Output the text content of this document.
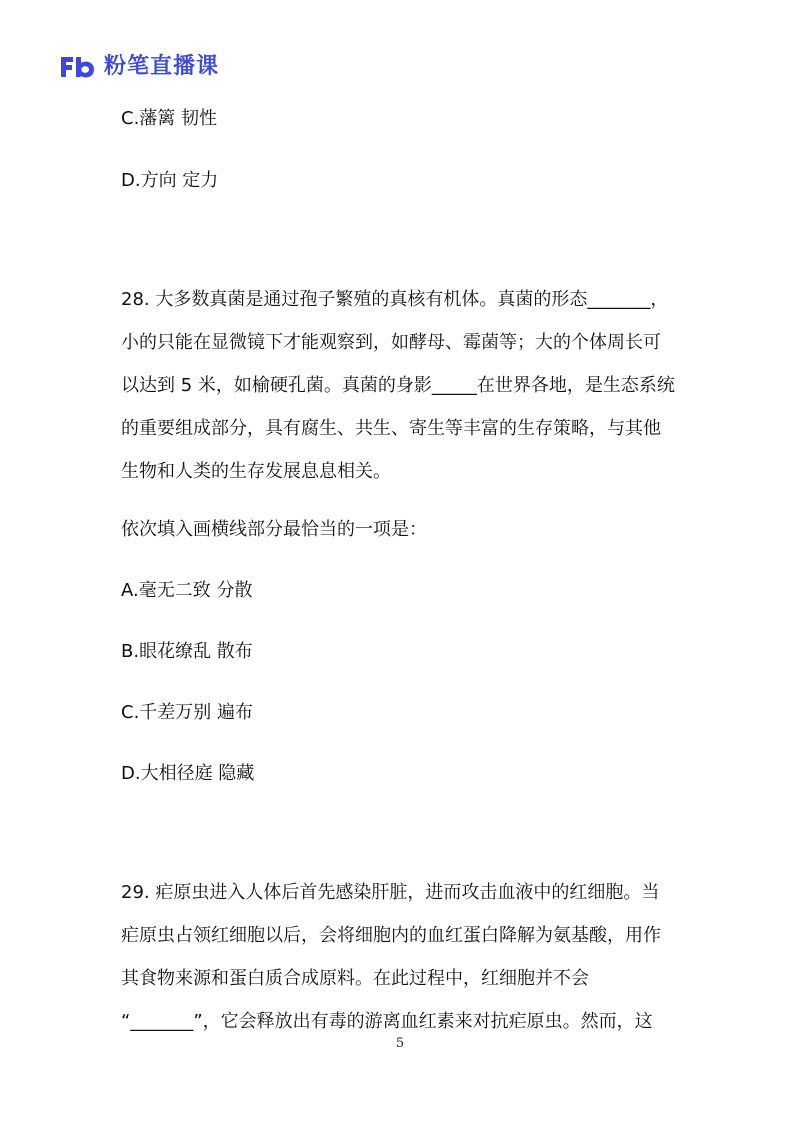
粉笔直播课
C.藩篱 韧性
D.方向 定力
28. 大多数真菌是通过孢子繁殖的真核有机体。真菌的形态_______，
小的只能在显微镜下才能观察到，如酵母、霉菌等；大的个体周长可
以达到 5 米，如榆硬孔菌。真菌的身影_____在世界各地，是生态系统
的重要组成部分，具有腐生、共生、寄生等丰富的生存策略，与其他
生物和人类的生存发展息息相关。
依次填入画横线部分最恰当的一项是：
A.毫无二致 分散
B.眼花缭乱 散布
C.千差万别 遍布
D.大相径庭 隐藏
29. 疟原虫进入人体后首先感染肝脏，进而攻击血液中的红细胞。当
疟原虫占领红细胞以后，会将细胞内的血红蛋白降解为氨基酸，用作
其食物来源和蛋白质合成原料。在此过程中，红细胞并不会
“_______”，它会释放出有毒的游离血红素来对抗疟原虫。然而，这
5
